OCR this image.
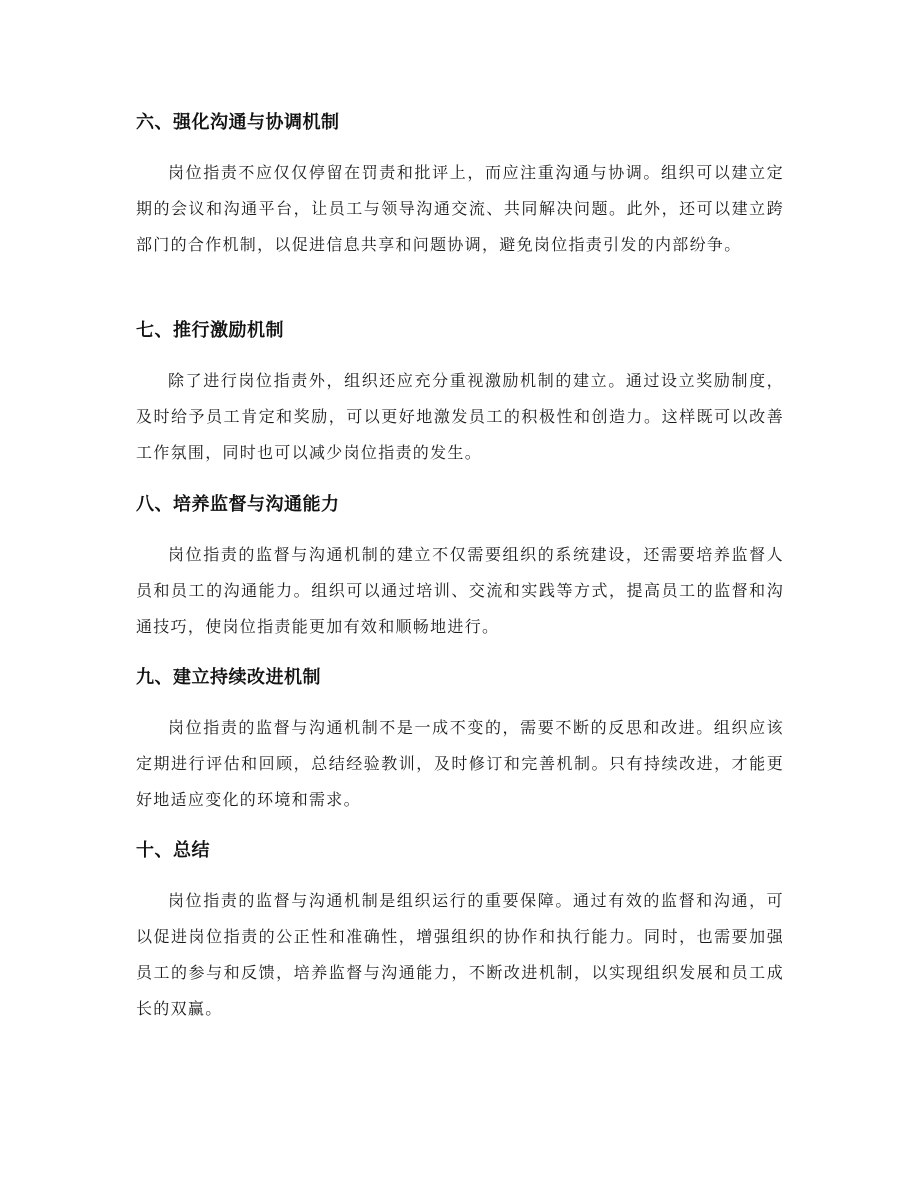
六、强化沟通与协调机制

岗位指责不应仅仅停留在罚责和批评上，而应注重沟通与协调。组织可以建立定期的会议和沟通平台，让员工与领导沟通交流、共同解决问题。此外，还可以建立跨部门的合作机制，以促进信息共享和问题协调，避免岗位指责引发的内部纷争。

七、推行激励机制

除了进行岗位指责外，组织还应充分重视激励机制的建立。通过设立奖励制度，及时给予员工肯定和奖励，可以更好地激发员工的积极性和创造力。这样既可以改善工作氛围，同时也可以减少岗位指责的发生。

八、培养监督与沟通能力

岗位指责的监督与沟通机制的建立不仅需要组织的系统建设，还需要培养监督人员和员工的沟通能力。组织可以通过培训、交流和实践等方式，提高员工的监督和沟通技巧，使岗位指责能更加有效和顺畅地进行。

九、建立持续改进机制

岗位指责的监督与沟通机制不是一成不变的，需要不断的反思和改进。组织应该定期进行评估和回顾，总结经验教训，及时修订和完善机制。只有持续改进，才能更好地适应变化的环境和需求。

十、总结

岗位指责的监督与沟通机制是组织运行的重要保障。通过有效的监督和沟通，可以促进岗位指责的公正性和准确性，增强组织的协作和执行能力。同时，也需要加强员工的参与和反馈，培养监督与沟通能力，不断改进机制，以实现组织发展和员工成长的双赢。
